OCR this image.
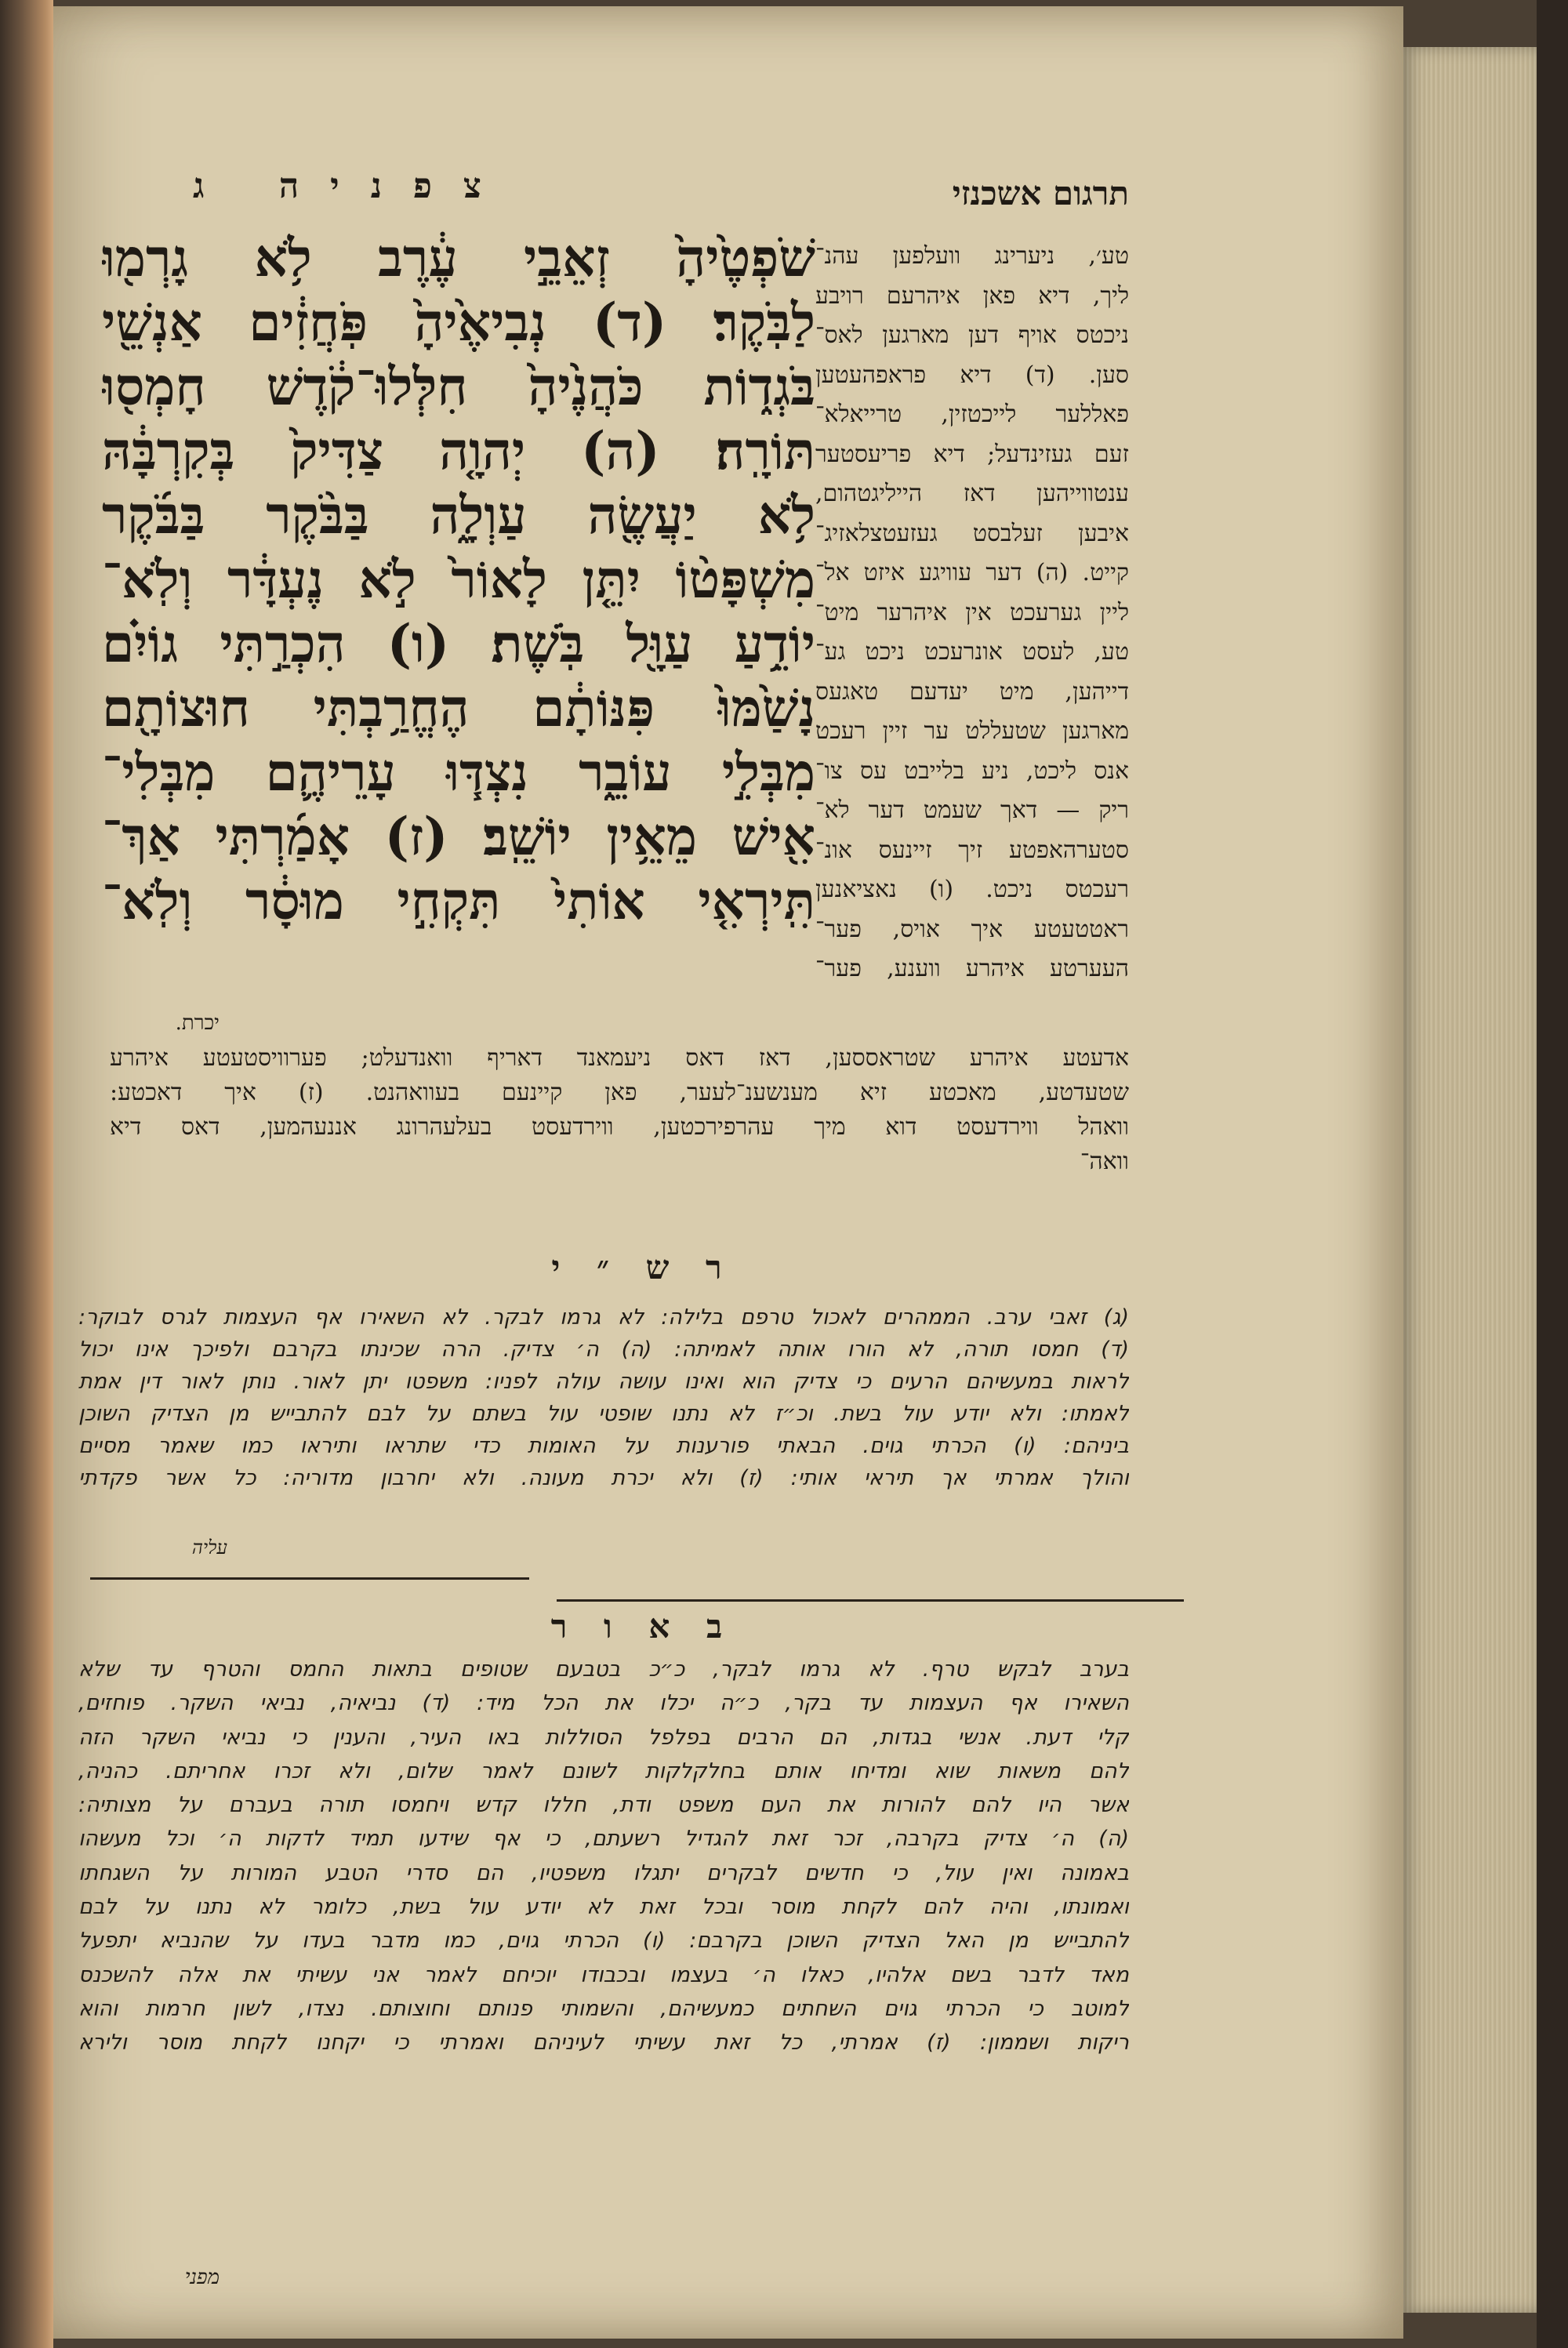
צפניה ג	תרגום אשכנזי
שֹׁפְטֶ֙יהָ֙ זְאֵבֵ֣י עֶ֔רֶב לֹ֥א גָרְמ֖וּ
לַבֹּֽקֶר׃ (ד) נְבִיאֶ֙יהָ֙ פֹּֽחֲזִ֔ים אַנְשֵׁ֖י
בֹּגְד֑וֹת כֹּהֲנֶ֙יהָ֙ חִלְּלוּ־קֹ֔דֶשׁ חָמְס֖וּ
תּוֹרָֽה׃ (ה) יְהוָ֤ה צַדִּיק֙ בְּקִרְבָּ֔הּ
לֹ֥א יַעֲשֶׂ֖ה עַוְלָ֑ה בַּבֹּ֨קֶר בַּבֹּ֜קֶר
מִשְׁפָּט֨וֹ יִתֵּ֤ן לָאוֹר֙ לֹ֣א נֶעְדָּ֔ר וְלֹֽא־
יוֹדֵ֥עַ עַוָּ֖ל בֹּֽשֶׁת׃ (ו) הִכְרַ֣תִּי גוֹיִ֗ם
נָשַׁ֙מּוּ֙ פִּנּוֹתָ֔ם הֶחֱרַ֥בְתִּי חוּצוֹתָ֖ם
מִבְּלִ֣י עוֹבֵ֑ר נִצְדּ֧וּ עָרֵיהֶ֛ם מִבְּלִי־
אִ֖ישׁ מֵאֵ֥ין יוֹשֵֽׁב׃ (ז) אָמַ֜רְתִּי אַךְ־
תִּֽירְאִ֤י אוֹתִי֙ תִּקְחִ֣י מוּסָ֔ר וְלֹֽא־
יכרת.
טע׳, ניערינג וועלפען עהנ־
ליך, דיא פאן איהרעם רויבע
ניכטס אויף דען מארגען לאס־
סען. (ד) דיא פראפהעטען
פאללער לייכטזין, טרייאלא־
זעם געזינדעל; דיא פריעסטער
ענטווייהען דאז הייליגטהום,
איבען זעלבסט געזעטצלאזיג־
קייט. (ה) דער עוויגע איזט אל־
ליין גערעכט אין איהרער מיט־
טע, לעסט אונרעכט ניכט גע־
דייהען, מיט יעדעם טאגעס
מארגען שטעללט ער זיין רעכט
אנס ליכט, ניע בלייבט עס צו־
ריק — דאך שעמט דער לא־
סטערהאפטע זיך זיינעס אונ־
רעכטס ניכט. (ו) נאציאנען
ראטטעטע איך אויס, פער־
העערטע איהרע ווענע, פער־
אדעטע איהרע שטראססען, דאז דאס ניעמאנד דאריף וואנדעלט; פערוויסטעטע איהרע
שטעדטע, מאכטע זיא מענשענ־לעער, פאן קיינעם בעוואהנט. (ז) איך דאכטע:
וואהל ווירדעסט דוא מיך עהרפירכטען, ווירדעסט בעלעהרונג אננעהמען, דאס דיא
וואה־
ר ש ״ י
(ג) זאבי ערב. הממהרים לאכול טרפם בלילה: לא גרמו לבקר. לא השאירו אף העצמות לגרס לבוקר:
(ד) חמסו תורה, לא הורו אותה לאמיתה: (ה) ה׳ צדיק. הרה שכינתו בקרבם ולפיכך אינו יכול
לראות במעשיהם הרעים כי צדיק הוא ואינו עושה עולה לפניו: משפטו יתן לאור. נותן לאור דין אמת
לאמתו: ולא יודע עול בשת. וכ״ז לא נתנו שופטי עול בשתם על לבם להתבייש מן הצדיק השוכן
ביניהם: (ו) הכרתי גוים. הבאתי פורענות על האומות כדי שתראו ותיראו כמו שאמר מסיים
והולך אמרתי אך תיראי אותי: (ז) ולא יכרת מעונה. ולא יחרבון מדוריה: כל אשר פקדתי
עליה
ב א ו ר
בערב לבקש טרף. לא גרמו לבקר, כ״כ בטבעם שטופים בתאות החמס והטרף עד שלא
השאירו אף העצמות עד בקר, כ״ה יכלו את הכל מיד: (ד) נביאיה, נביאי השקר. פוחזים,
קלי דעת. אנשי בגדות, הם הרבים בפלפל הסוללות באו העיר, והענין כי נביאי השקר הזה
להם משאות שוא ומדיחו אותם בחלקלקות לשונם לאמר שלום, ולא זכרו אחריתם. כהניה,
אשר היו להם להורות את העם משפט ודת, חללו קדש ויחמסו תורה בעברם על מצותיה:
(ה) ה׳ צדיק בקרבה, זכר זאת להגדיל רשעתם, כי אף שידעו תמיד לדקות ה׳ וכל מעשהו
באמונה ואין עול, כי חדשים לבקרים יתגלו משפטיו, הם סדרי הטבע המורות על השגחתו
ואמונתו, והיה להם לקחת מוסר ובכל זאת לא יודע עול בשת, כלומר לא נתנו על לבם
להתבייש מן האל הצדיק השוכן בקרבם: (ו) הכרתי גוים, כמו מדבר בעדו על שהנביא יתפעל
מאד לדבר בשם אלהיו, כאלו ה׳ בעצמו ובכבודו יוכיחם לאמר אני עשיתי את אלה להשכנס
למוטב כי הכרתי גוים השחתים כמעשיהם, והשמותי פנותם וחוצותם. נצדו, לשון חרמות והוא
ריקות ושממון: (ז) אמרתי, כל זאת עשיתי לעיניהם ואמרתי כי יקחנו לקחת מוסר ולירא
מפני
